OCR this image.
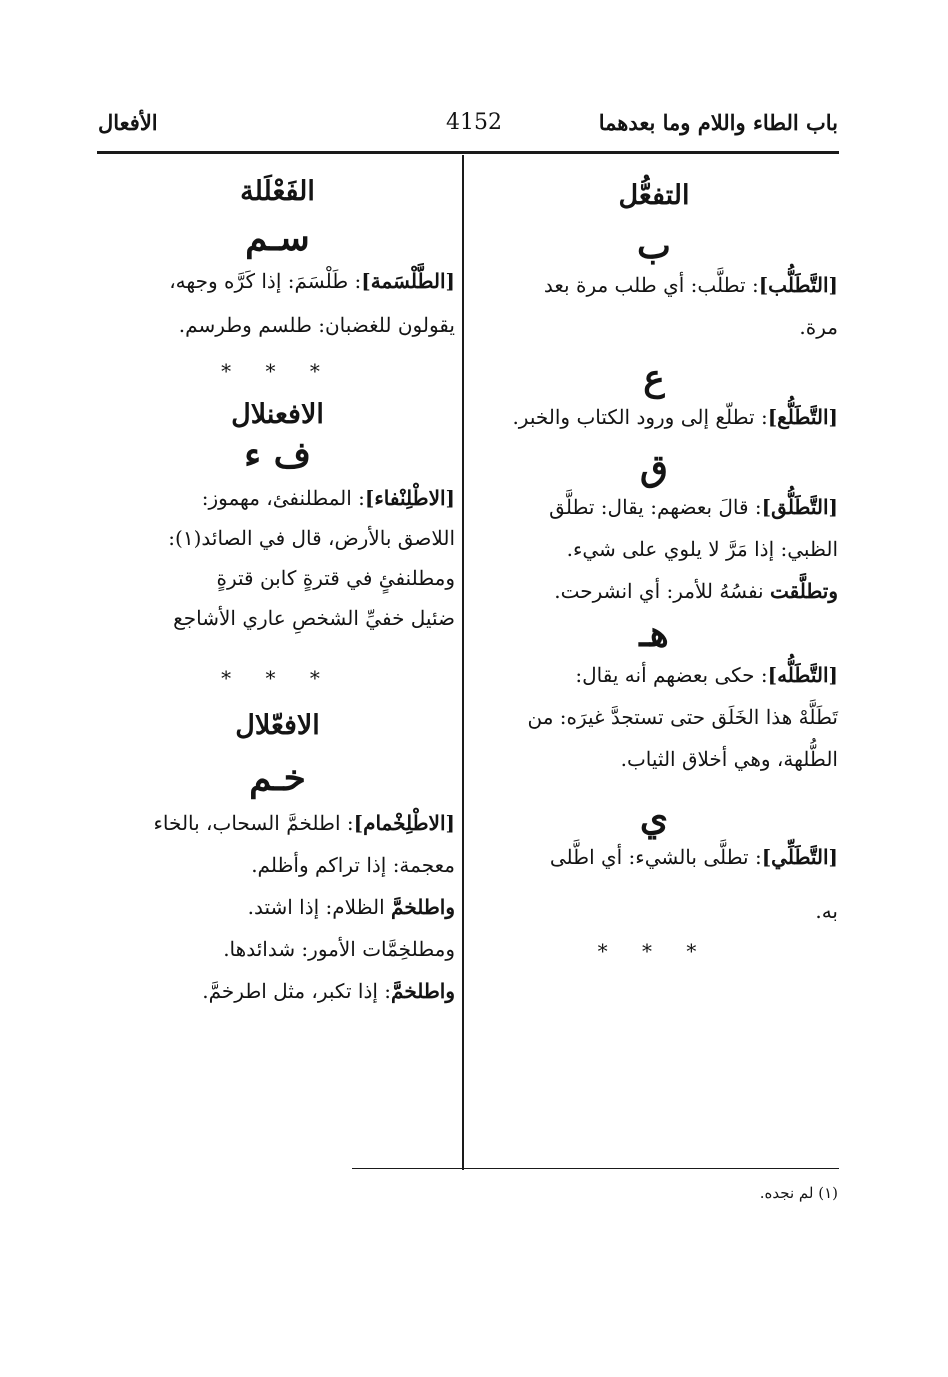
باب الطاء واللام وما بعدهما
4152
الأفعال

التفعُّل

ب

[التَّطَلُّب]: تطلَّب: أي طلب مرة بعد

مرة.

ع

[التَّطَلُّع]: تطلّع إلى ورود الكتاب والخبر.

ق

[التَّطَلُّق]: قالَ بعضهم: يقال: تطلَّق

الظبي: إذا مَرَّ لا يلوي على شيء.

وتطلَّقت نفسُهُ للأمر: أي انشرحت.

هـ

[التَّطَلُّه]: حكى بعضهم أنه يقال:

تَطَلَّهْ هذا الخَلَق حتى تستجدَّ غيرَه: من

الطُّلهة، وهي أخلاق الثياب.

ي

[التَّطَلِّي]: تطلَّى بالشيء: أي اطَّلى

به.

* * *

الفَعْلَلة

سـم

[الطَّلْسَمة]: طَلْسَمَ: إذا كَرَّه وجهه،

يقولون للغضبان: طلسم وطرسم.

* * *

الافعنلال

ف ء

[الاطْلِنْفاء]: المطلنفئ، مهموز:

اللاصق بالأرض، قال في الصائد(١):

ومطلنفئٍ في قترةٍ كابن قترةٍ

ضئيل خفيِّ الشخصِ عاري الأشاجع

* * *

الافعّلال

خـم

[الاطْلِخْمام]: اطلخمَّ السحاب، بالخاء

معجمة: إذا تراكم وأظلم.

واطلخمَّ الظلام: إذا اشتد.

ومطلخِمَّات الأمور: شدائدها.

واطلخمَّ: إذا تكبر، مثل اطرخمَّ.

(١) لم نجده.
